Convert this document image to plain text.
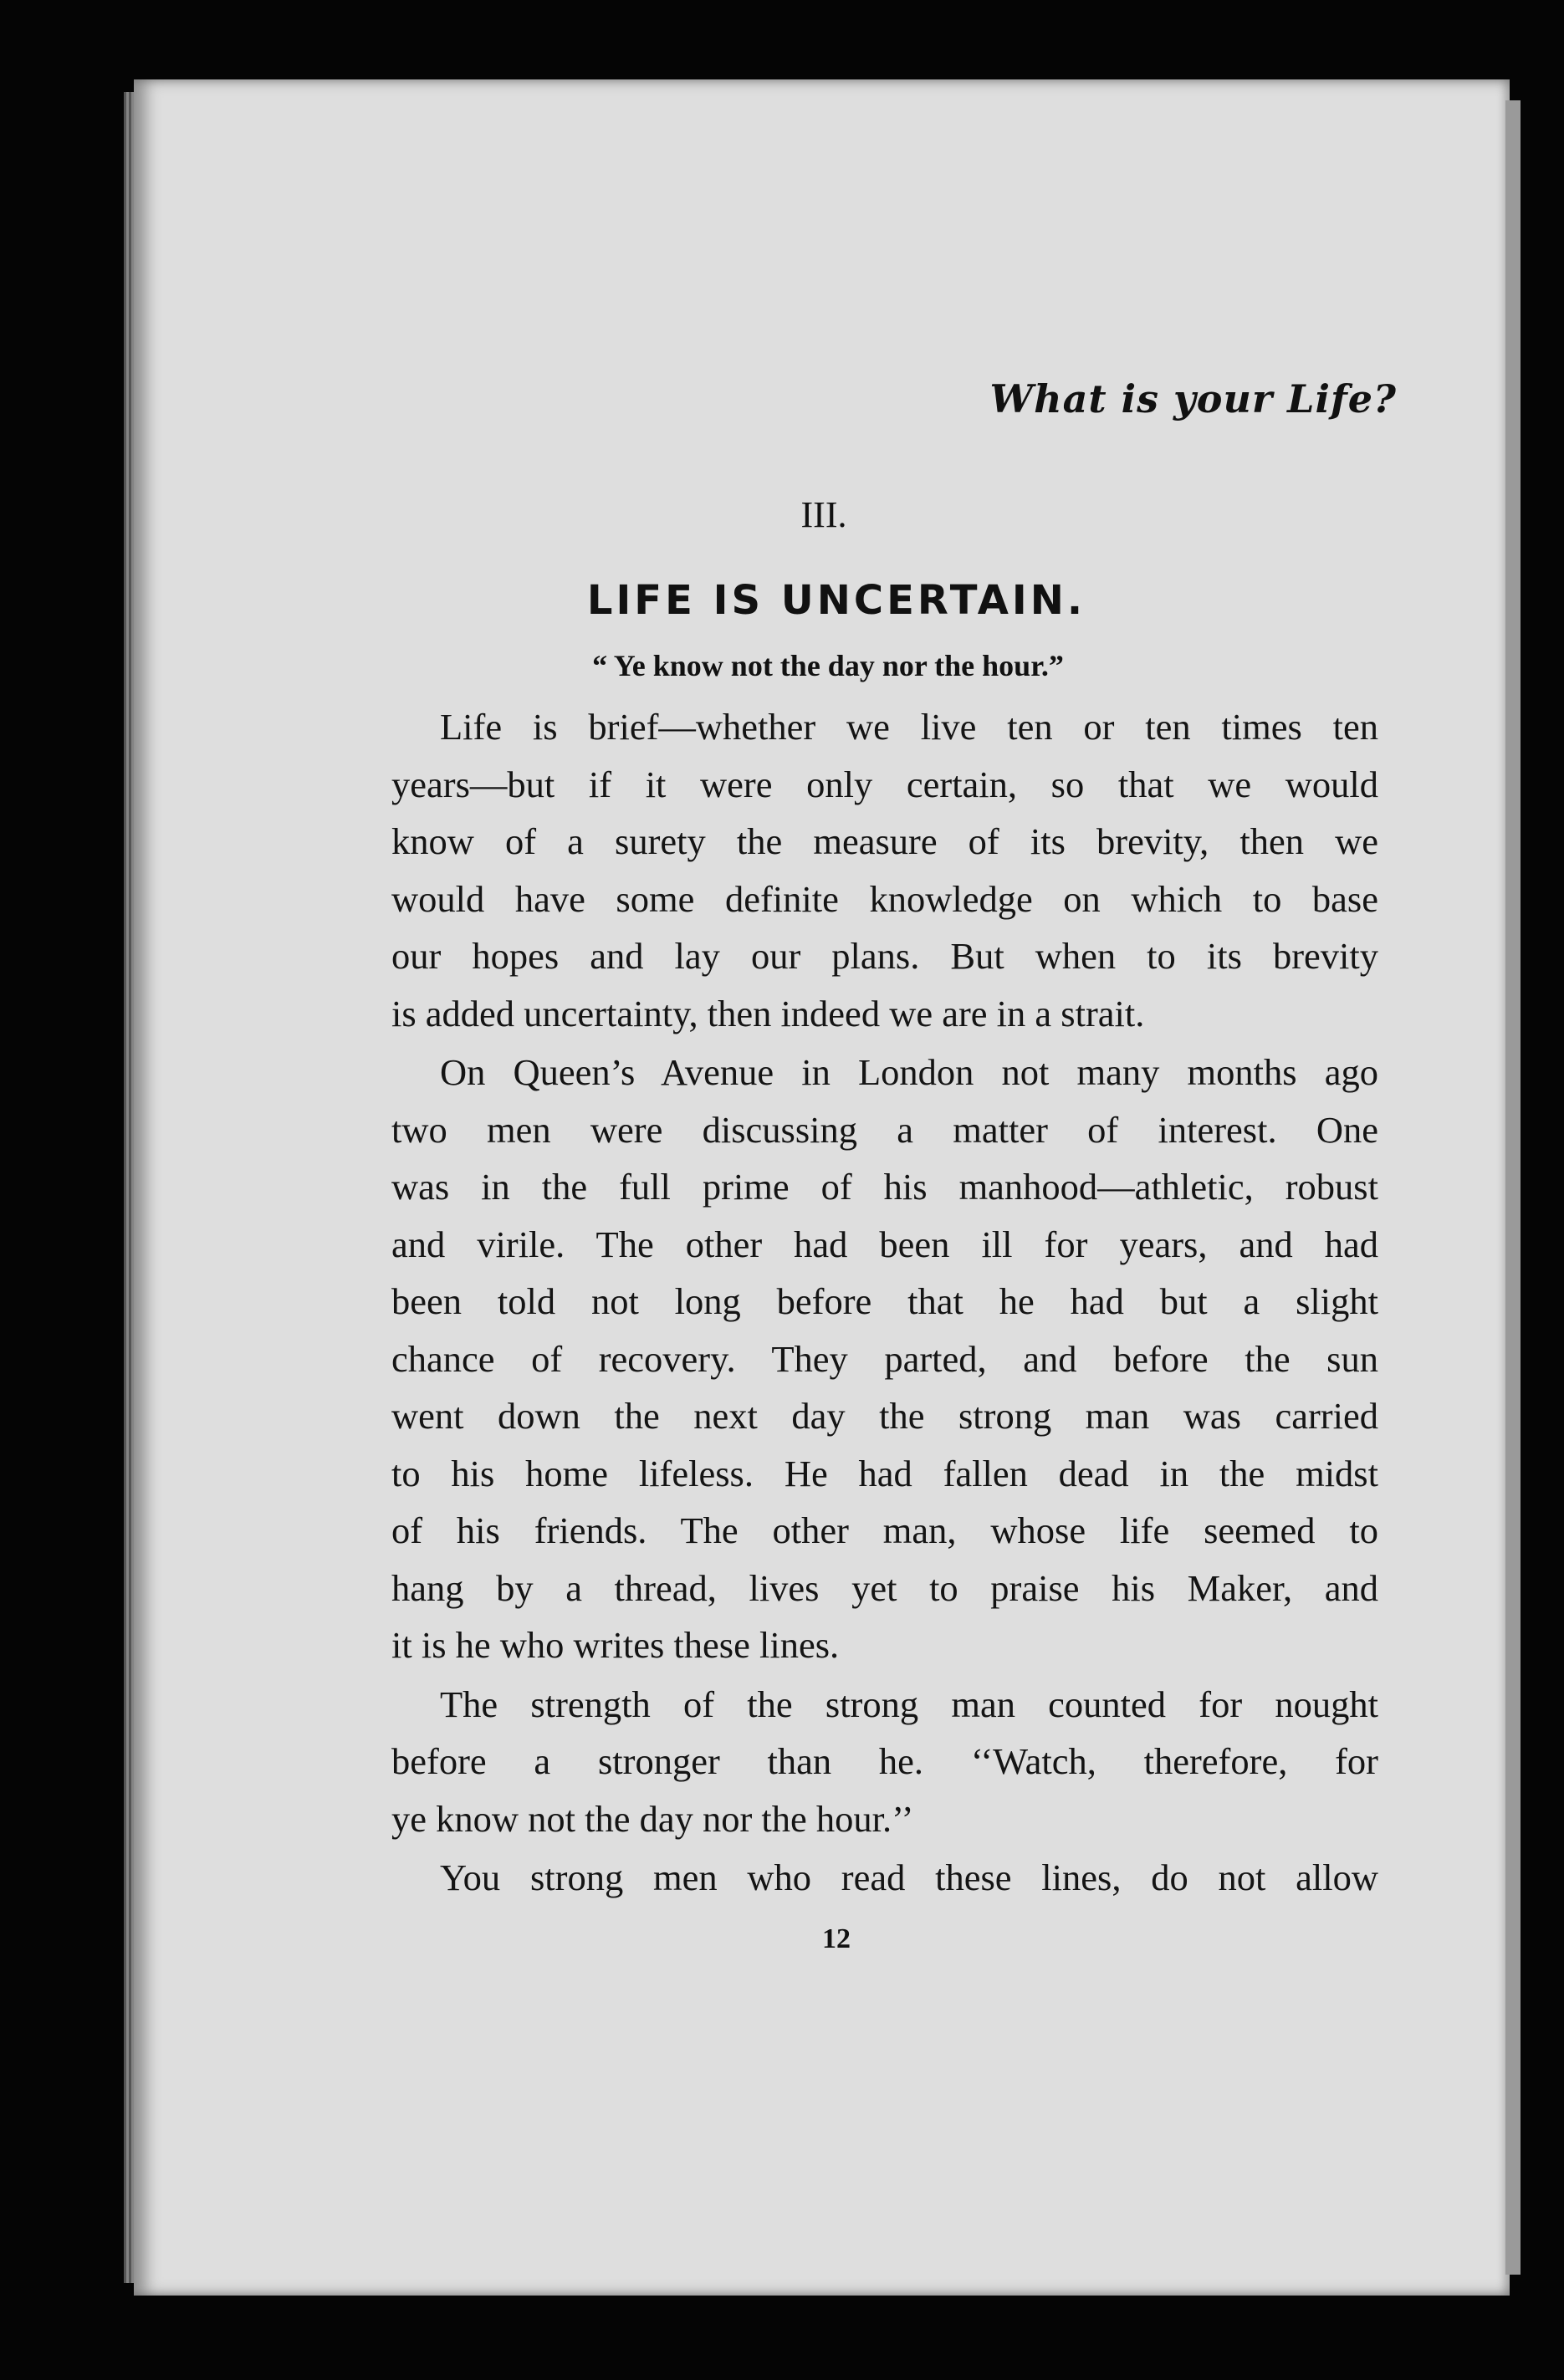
What is your Life?
III.
LIFE IS UNCERTAIN.
“ Ye know not the day nor the hour.”

Life is brief—whether we live ten or ten times ten
years—but if it were only certain, so that we would
know of a surety the measure of its brevity, then we
would have some definite knowledge on which to base
our hopes and lay our plans. But when to its brevity
is added uncertainty, then indeed we are in a strait.

On Queen’s Avenue in London not many months ago
two men were discussing a matter of interest. One
was in the full prime of his manhood—athletic, robust
and virile. The other had been ill for years, and had
been told not long before that he had but a slight
chance of recovery. They parted, and before the sun
went down the next day the strong man was carried
to his home lifeless. He had fallen dead in the midst
of his friends. The other man, whose life seemed to
hang by a thread, lives yet to praise his Maker, and
it is he who writes these lines.

The strength of the strong man counted for nought
before a stronger than he. ‘‘Watch, therefore, for
ye know not the day nor the hour.’’

You strong men who read these lines, do not allow

12
